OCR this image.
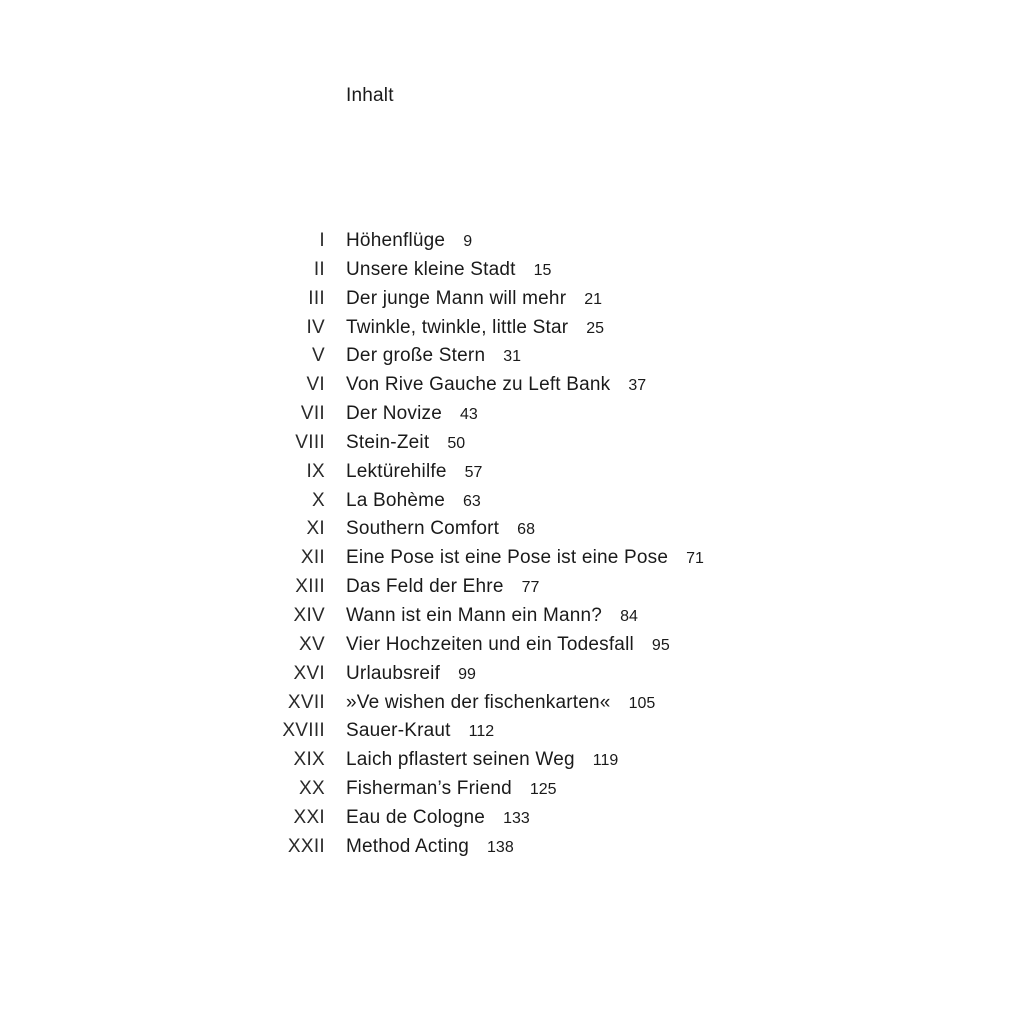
Inhalt
I Höhenflüge 9
II Unsere kleine Stadt 15
III Der junge Mann will mehr 21
IV Twinkle, twinkle, little Star 25
V Der große Stern 31
VI Von Rive Gauche zu Left Bank 37
VII Der Novize 43
VIII Stein-Zeit 50
IX Lektürehilfe 57
X La Bohème 63
XI Southern Comfort 68
XII Eine Pose ist eine Pose ist eine Pose 71
XIII Das Feld der Ehre 77
XIV Wann ist ein Mann ein Mann? 84
XV Vier Hochzeiten und ein Todesfall 95
XVI Urlaubsreif 99
XVII »Ve wishen der fischenkarten« 105
XVIII Sauer-Kraut 112
XIX Laich pflastert seinen Weg 119
XX Fisherman’s Friend 125
XXI Eau de Cologne 133
XXII Method Acting 138
